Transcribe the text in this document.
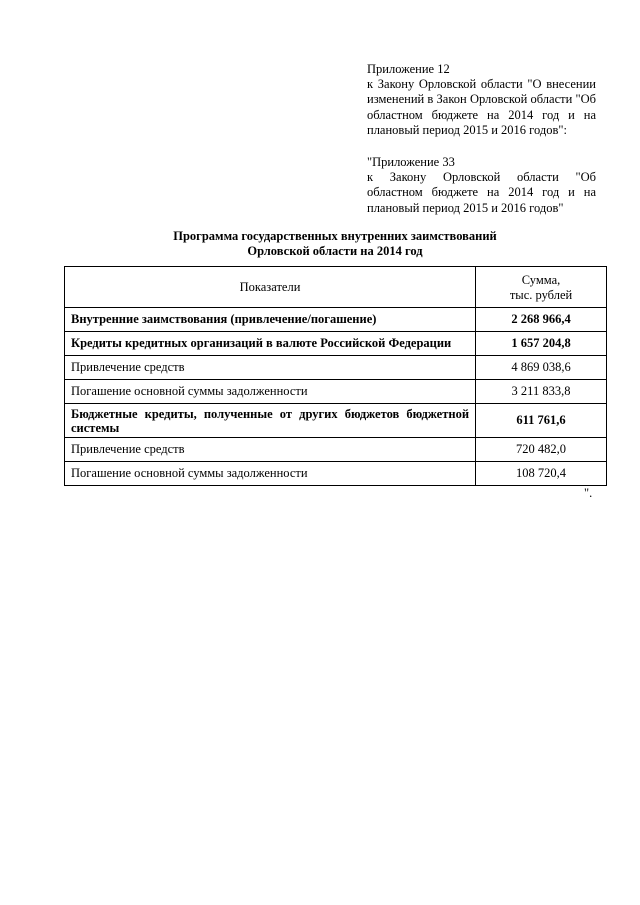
Приложение 12
к Закону Орловской области "О внесении изменений в Закон Орловской области "Об областном бюджете на 2014 год и на плановый период 2015 и 2016 годов":
"Приложение 33
к Закону Орловской области "Об областном бюджете на 2014 год и на плановый период 2015 и 2016 годов"
Программа государственных внутренних заимствований
Орловской области на 2014 год
Показатели	Сумма,
тыс. рублей

Внутренние заимствования (привлечение/погашение)	2 268 966,4
Кредиты кредитных организаций в валюте Российской Федерации	1 657 204,8
Привлечение средств	4 869 038,6
Погашение основной суммы задолженности	3 211 833,8
Бюджетные кредиты, полученные от других бюджетов бюджетной системы	611 761,6
Привлечение средств	720 482,0
Погашение основной суммы задолженности	108 720,4
".
